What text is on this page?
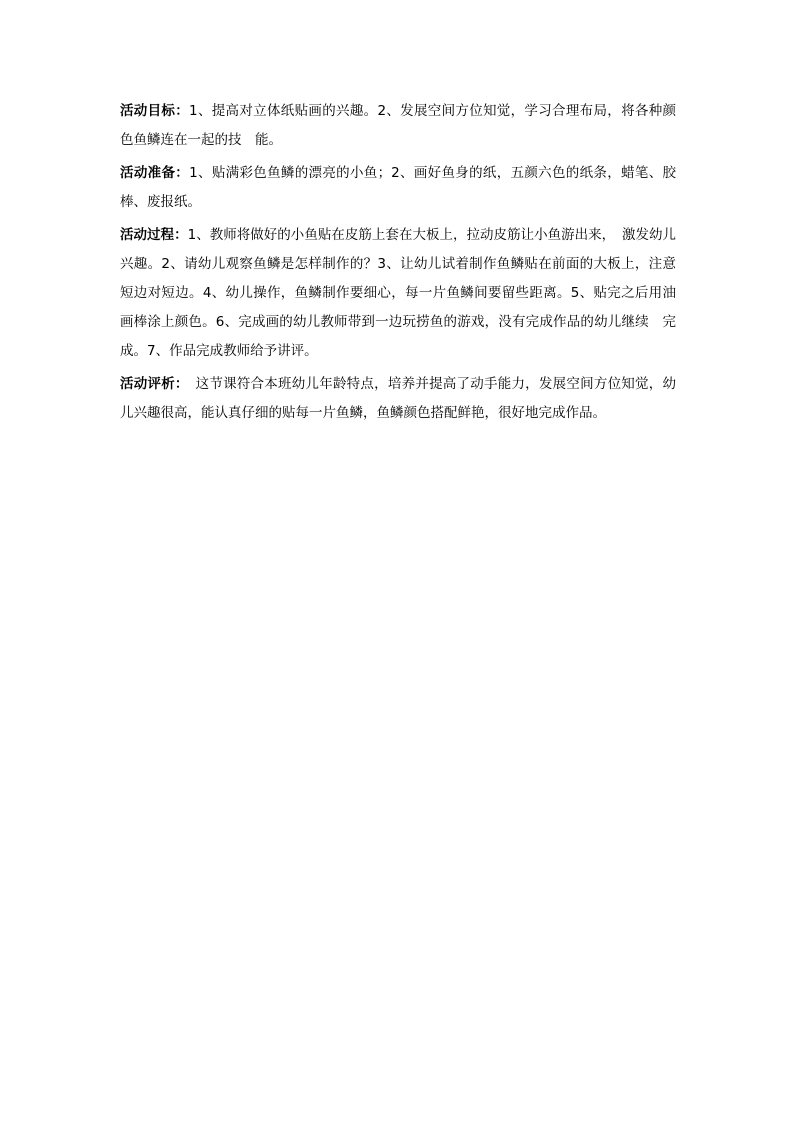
活动目标：1、提高对立体纸贴画的兴趣。2、发展空间方位知觉，学习合理布局，将各种颜色鱼鳞连在一起的技　能。

活动准备：1、贴满彩色鱼鳞的漂亮的小鱼；2、画好鱼身的纸，五颜六色的纸条，蜡笔、胶棒、废报纸。

活动过程：1、教师将做好的小鱼贴在皮筋上套在大板上，拉动皮筋让小鱼游出来，　激发幼儿兴趣。2、请幼儿观察鱼鳞是怎样制作的？3、让幼儿试着制作鱼鳞贴在前面的大板上，注意短边对短边。4、幼儿操作，鱼鳞制作要细心，每一片鱼鳞间要留些距离。5、贴完之后用油画棒涂上颜色。6、完成画的幼儿教师带到一边玩捞鱼的游戏，没有完成作品的幼儿继续　完成。7、作品完成教师给予讲评。

活动评析：　这节课符合本班幼儿年龄特点，培养并提高了动手能力，发展空间方位知觉，幼儿兴趣很高，能认真仔细的贴每一片鱼鳞，鱼鳞颜色搭配鲜艳，很好地完成作品。
